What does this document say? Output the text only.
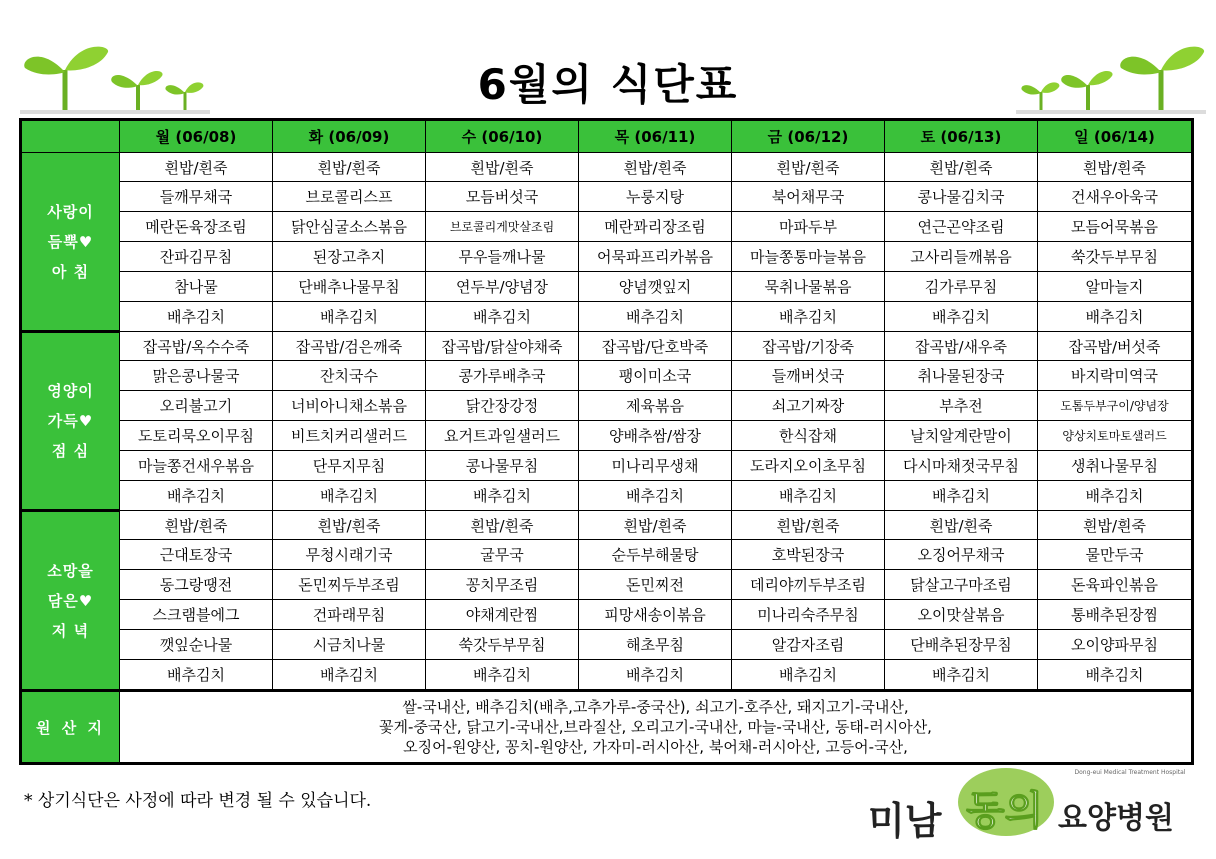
6월의 식단표
	월 (06/08)	화 (06/09)	수 (06/10)	목 (06/11)	금 (06/12)	토 (06/13)	일 (06/14)

사랑이
듬뿍♥
아 침	흰밥/흰죽	흰밥/흰죽	흰밥/흰죽	흰밥/흰죽	흰밥/흰죽	흰밥/흰죽	흰밥/흰죽
	들깨무채국	브로콜리스프	모듬버섯국	누룽지탕	북어채무국	콩나물김치국	건새우아욱국
	메란돈육장조림	닭안심굴소스볶음	브로콜리게맛살조림	메란꽈리장조림	마파두부	연근곤약조림	모듬어묵볶음
	잔파김무침	된장고추지	무우들깨나물	어묵파프리카볶음	마늘쫑통마늘볶음	고사리들깨볶음	쑥갓두부무침
	참나물	단배추나물무침	연두부/양념장	양념깻잎지	묵취나물볶음	김가루무침	알마늘지
	배추김치	배추김치	배추김치	배추김치	배추김치	배추김치	배추김치

영양이
가득♥
점 심	잡곡밥/옥수수죽	잡곡밥/검은깨죽	잡곡밥/닭살야채죽	잡곡밥/단호박죽	잡곡밥/기장죽	잡곡밥/새우죽	잡곡밥/버섯죽
	맑은콩나물국	잔치국수	콩가루배추국	팽이미소국	들깨버섯국	취나물된장국	바지락미역국
	오리불고기	너비아니채소볶음	닭간장강정	제육볶음	쇠고기짜장	부추전	도톰두부구이/양념장
	도토리묵오이무침	비트치커리샐러드	요거트과일샐러드	양배추쌈/쌈장	한식잡채	날치알계란말이	양상치토마토샐러드
	마늘쫑건새우볶음	단무지무침	콩나물무침	미나리무생채	도라지오이초무침	다시마채젓국무침	생취나물무침
	배추김치	배추김치	배추김치	배추김치	배추김치	배추김치	배추김치

소망을
담은♥
저 녁	흰밥/흰죽	흰밥/흰죽	흰밥/흰죽	흰밥/흰죽	흰밥/흰죽	흰밥/흰죽	흰밥/흰죽
	근대토장국	무청시래기국	굴무국	순두부해물탕	호박된장국	오징어무채국	물만두국
	동그랑땡전	돈민찌두부조림	꽁치무조림	돈민찌전	데리야끼두부조림	닭살고구마조림	돈육파인볶음
	스크램블에그	건파래무침	야채계란찜	피망새송이볶음	미나리숙주무침	오이맛살볶음	통배추된장찜
	깻잎순나물	시금치나물	쑥갓두부무침	해초무침	알감자조림	단배추된장무침	오이양파무침
	배추김치	배추김치	배추김치	배추김치	배추김치	배추김치	배추김치
원 산 지	쌀-국내산, 배추김치(배추,고추가루-중국산), 쇠고기-호주산, 돼지고기-국내산,
꽃게-중국산, 닭고기-국내산,브라질산, 오리고기-국내산, 마늘-국내산, 동태-러시아산,
오징어-원양산, 꽁치-원양산, 가자미-러시아산, 북어채-러시아산, 고등어-국산,						
* 상기식단은 사정에 따라 변경 될 수 있습니다.	미남 동의 요양병원
Dong-eui Medical Treatment Hospital
